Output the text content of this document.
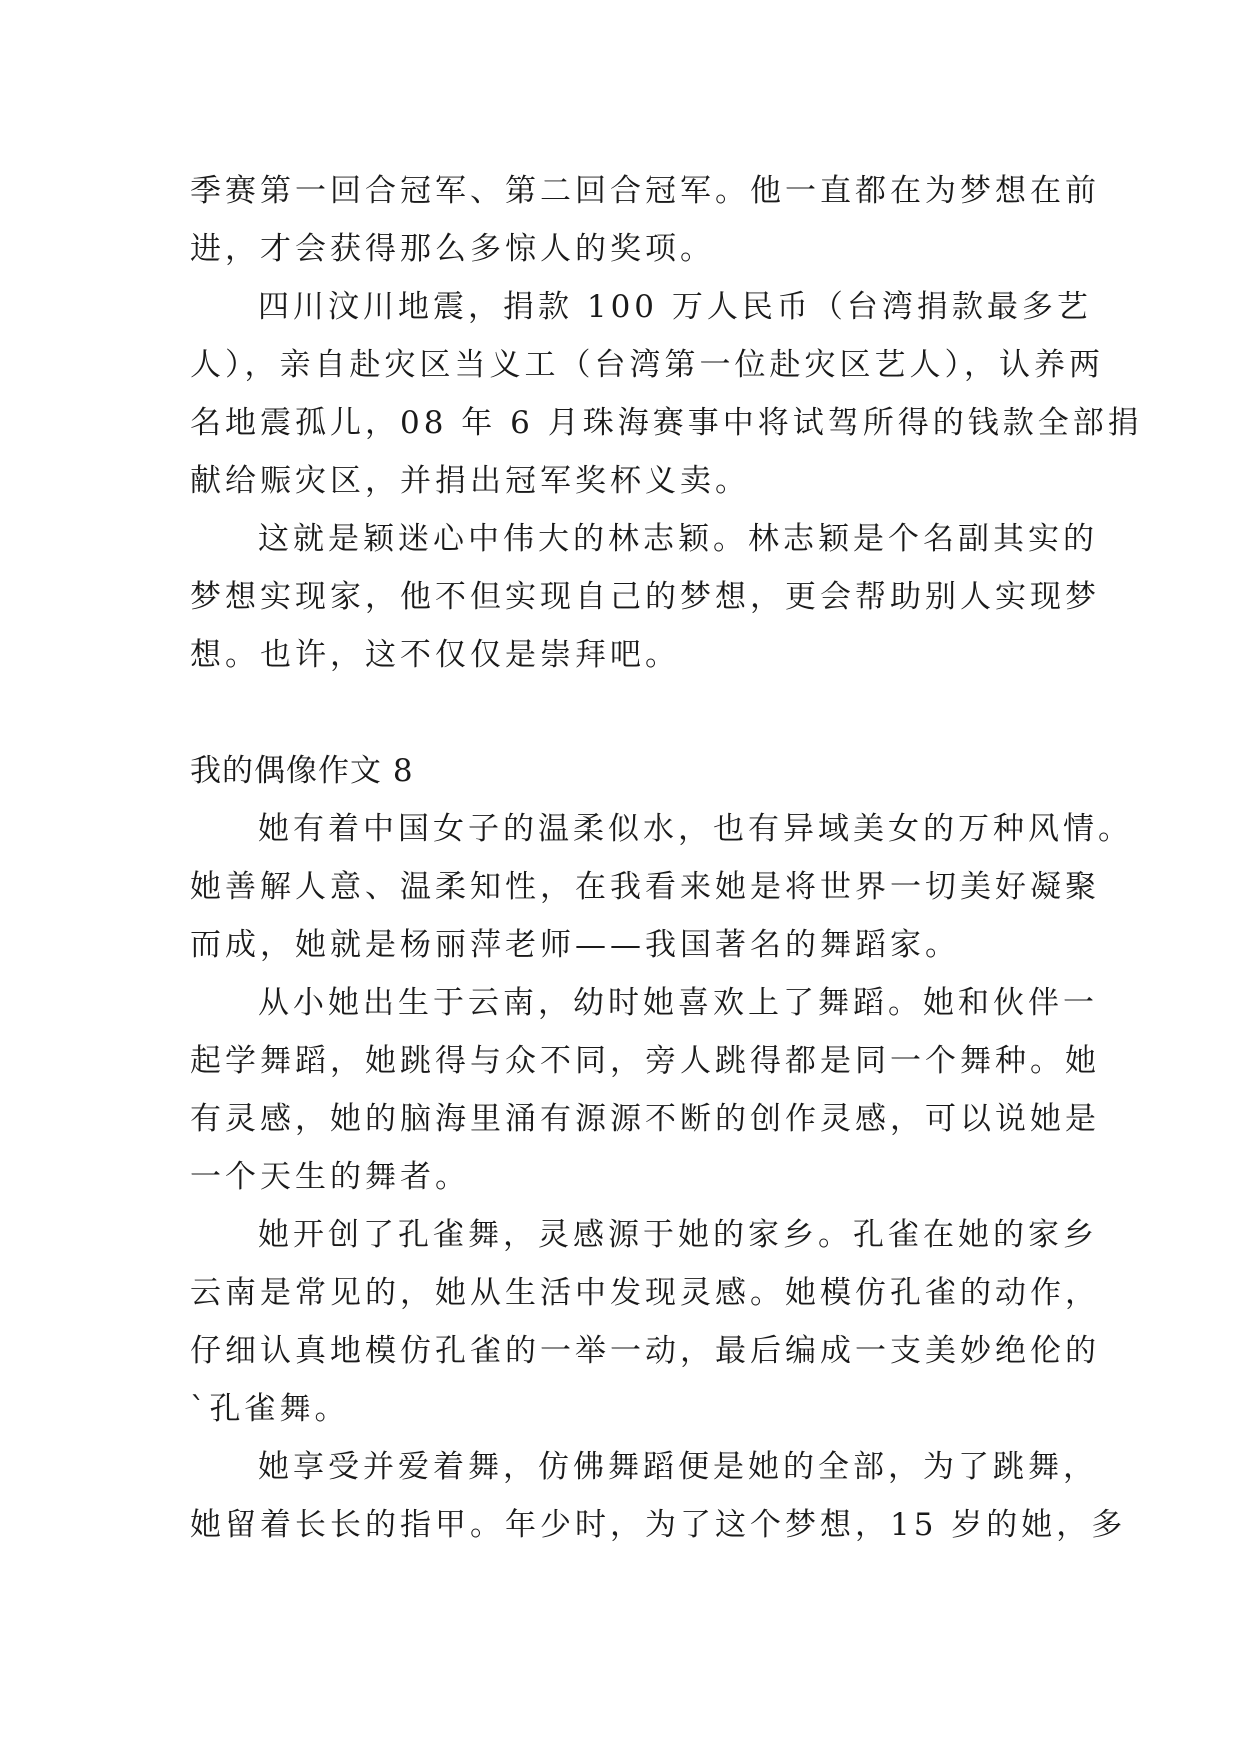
季赛第一回合冠军、第二回合冠军。他一直都在为梦想在前
进，才会获得那么多惊人的奖项。
四川汶川地震，捐款 100 万人民币（台湾捐款最多艺
人），亲自赴灾区当义工（台湾第一位赴灾区艺人），认养两
名地震孤儿，08 年 6 月珠海赛事中将试驾所得的钱款全部捐
献给赈灾区，并捐出冠军奖杯义卖。
这就是颖迷心中伟大的林志颖。林志颖是个名副其实的
梦想实现家，他不但实现自己的梦想，更会帮助别人实现梦
想。也许，这不仅仅是崇拜吧。
我的偶像作文 8
她有着中国女子的温柔似水，也有异域美女的万种风情。
她善解人意、温柔知性，在我看来她是将世界一切美好凝聚
而成，她就是杨丽萍老师——我国著名的舞蹈家。
从小她出生于云南，幼时她喜欢上了舞蹈。她和伙伴一
起学舞蹈，她跳得与众不同，旁人跳得都是同一个舞种。她
有灵感，她的脑海里涌有源源不断的创作灵感，可以说她是
一个天生的舞者。
她开创了孔雀舞，灵感源于她的家乡。孔雀在她的家乡
云南是常见的，她从生活中发现灵感。她模仿孔雀的动作，
仔细认真地模仿孔雀的一举一动，最后编成一支美妙绝伦的
`孔雀舞。
她享受并爱着舞，仿佛舞蹈便是她的全部，为了跳舞，
她留着长长的指甲。年少时，为了这个梦想，15 岁的她，多
